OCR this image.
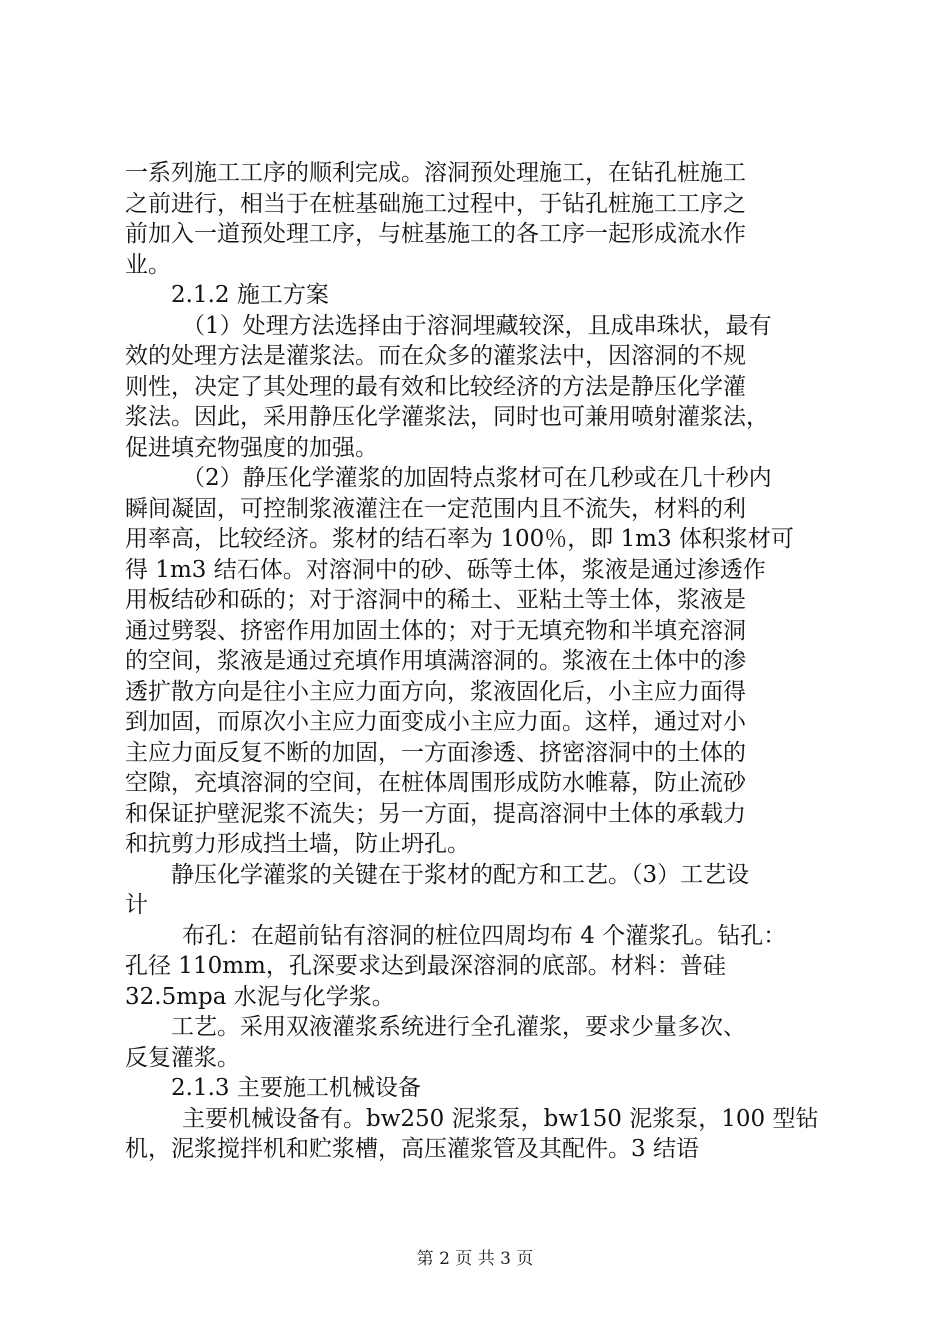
一系列施工工序的顺利完成。溶洞预处理施工，在钻孔桩施工
之前进行，相当于在桩基础施工过程中，于钻孔桩施工工序之
前加入一道预处理工序，与桩基施工的各工序一起形成流水作
业。
2.1.2 施工方案
（1）处理方法选择由于溶洞埋藏较深，且成串珠状，最有
效的处理方法是灌浆法。而在众多的灌浆法中，因溶洞的不规
则性，决定了其处理的最有效和比较经济的方法是静压化学灌
浆法。因此，采用静压化学灌浆法，同时也可兼用喷射灌浆法，
促进填充物强度的加强。
（2）静压化学灌浆的加固特点浆材可在几秒或在几十秒内
瞬间凝固，可控制浆液灌注在一定范围内且不流失，材料的利
用率高，比较经济。浆材的结石率为 100％，即 1m3 体积浆材可
得 1m3 结石体。对溶洞中的砂、砾等土体，浆液是通过渗透作
用板结砂和砾的；对于溶洞中的稀土、亚粘土等土体，浆液是
通过劈裂、挤密作用加固土体的；对于无填充物和半填充溶洞
的空间，浆液是通过充填作用填满溶洞的。浆液在土体中的渗
透扩散方向是往小主应力面方向，浆液固化后，小主应力面得
到加固，而原次小主应力面变成小主应力面。这样，通过对小
主应力面反复不断的加固，一方面渗透、挤密溶洞中的土体的
空隙，充填溶洞的空间，在桩体周围形成防水帷幕，防止流砂
和保证护壁泥浆不流失；另一方面，提高溶洞中土体的承载力
和抗剪力形成挡土墙，防止坍孔。
静压化学灌浆的关键在于浆材的配方和工艺。（3）工艺设
计
布孔：在超前钻有溶洞的桩位四周均布 4 个灌浆孔。钻孔：
孔径 110mm，孔深要求达到最深溶洞的底部。材料：普硅
32.5mpa 水泥与化学浆。
工艺。采用双液灌浆系统进行全孔灌浆，要求少量多次、
反复灌浆。
2.1.3 主要施工机械设备
主要机械设备有。bw250 泥浆泵，bw150 泥浆泵，100 型钻
机，泥浆搅拌机和贮浆槽，高压灌浆管及其配件。3 结语
第 2 页 共 3 页
